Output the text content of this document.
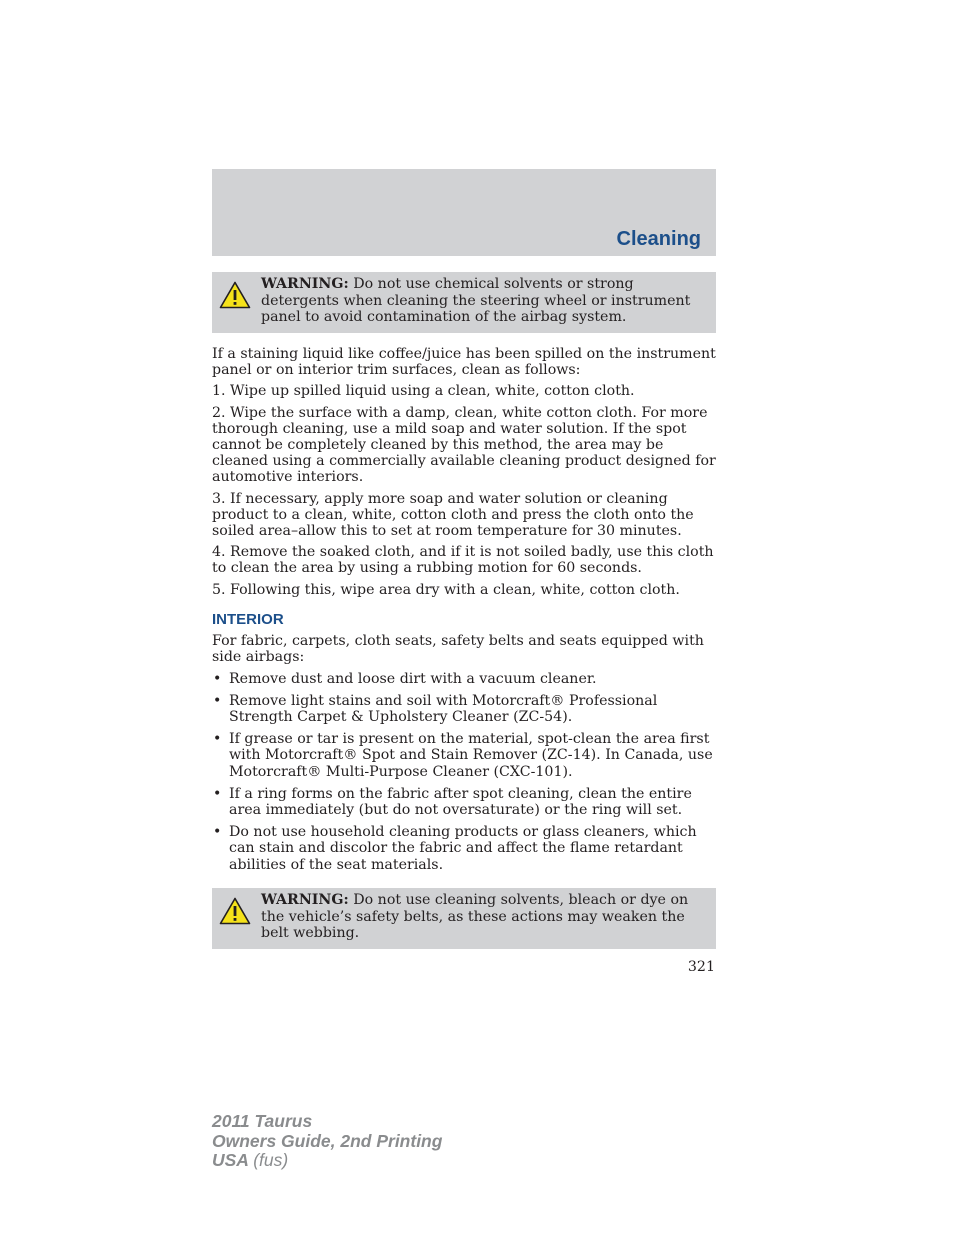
Cleaning
WARNING: Do not use chemical solvents or strong detergents when cleaning the steering wheel or instrument panel to avoid contamination of the airbag system.

If a staining liquid like coffee/juice has been spilled on the instrument panel or on interior trim surfaces, clean as follows:

1. Wipe up spilled liquid using a clean, white, cotton cloth.

2. Wipe the surface with a damp, clean, white cotton cloth. For more thorough cleaning, use a mild soap and water solution. If the spot cannot be completely cleaned by this method, the area may be cleaned using a commercially available cleaning product designed for automotive interiors.

3. If necessary, apply more soap and water solution or cleaning product to a clean, white, cotton cloth and press the cloth onto the soiled area–allow this to set at room temperature for 30 minutes.

4. Remove the soaked cloth, and if it is not soiled badly, use this cloth to clean the area by using a rubbing motion for 60 seconds.

5. Following this, wipe area dry with a clean, white, cotton cloth.

INTERIOR

For fabric, carpets, cloth seats, safety belts and seats equipped with side airbags:

• Remove dust and loose dirt with a vacuum cleaner.

• Remove light stains and soil with Motorcraft® Professional Strength Carpet & Upholstery Cleaner (ZC-54).

• If grease or tar is present on the material, spot-clean the area first with Motorcraft® Spot and Stain Remover (ZC-14). In Canada, use Motorcraft® Multi-Purpose Cleaner (CXC-101).

• If a ring forms on the fabric after spot cleaning, clean the entire area immediately (but do not oversaturate) or the ring will set.

• Do not use household cleaning products or glass cleaners, which can stain and discolor the fabric and affect the flame retardant abilities of the seat materials.

WARNING: Do not use cleaning solvents, bleach or dye on the vehicle’s safety belts, as these actions may weaken the belt webbing.
321
2011 Taurus
Owners Guide, 2nd Printing
USA (fus)
